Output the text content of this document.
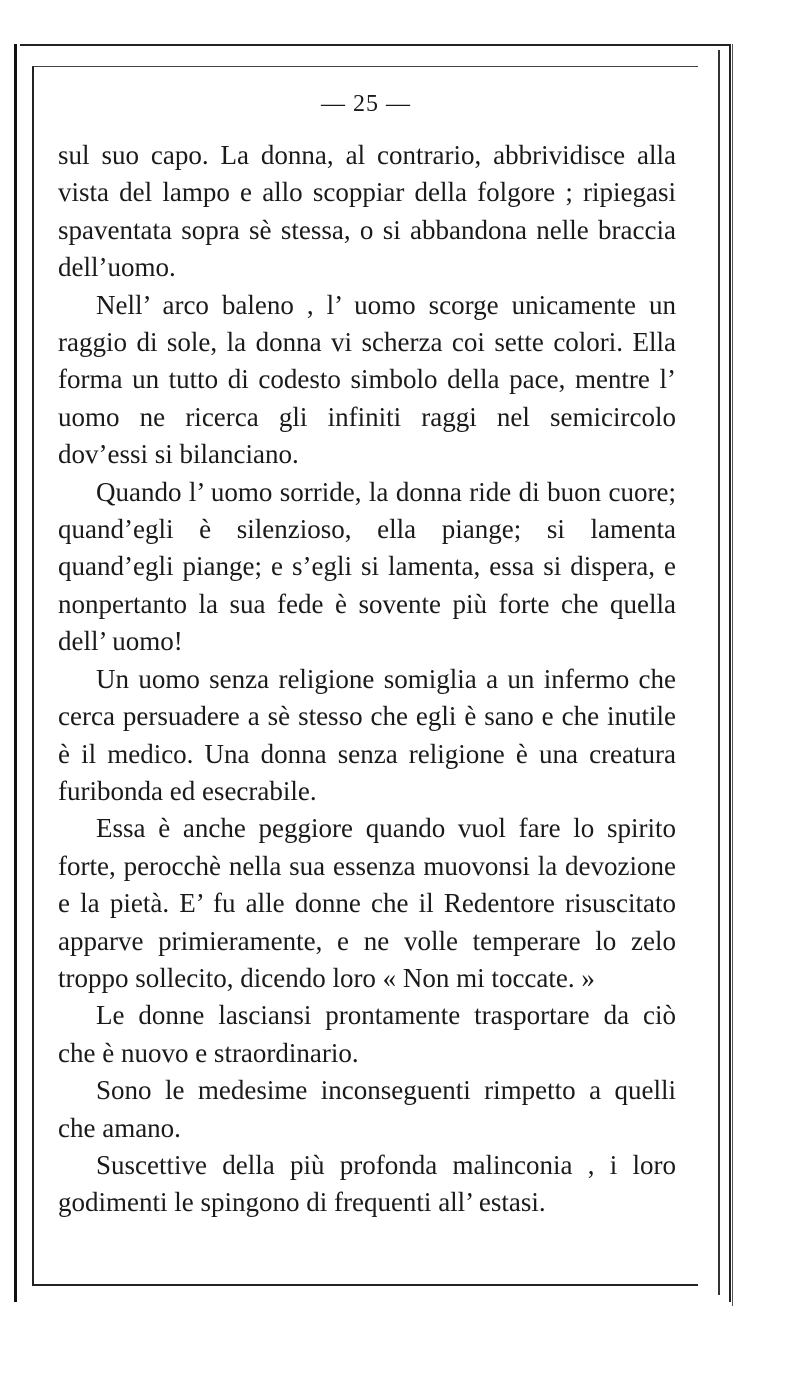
— 25 —

sul suo capo. La donna, al contrario, abbrividisce alla vista del lampo e allo scoppiar della folgore ; ripiegasi spaventata sopra sè stessa, o si abbandona nelle braccia dell’uomo.

Nell’ arco baleno , l’ uomo scorge unicamente un raggio di sole, la donna vi scherza coi sette colori. Ella forma un tutto di codesto simbolo della pace, mentre l’ uomo ne ricerca gli infiniti raggi nel semicircolo dov’essi si bilanciano.

Quando l’ uomo sorride, la donna ride di buon cuore; quand’egli è silenzioso, ella piange; si lamenta quand’egli piange; e s’egli si lamenta, essa si dispera, e nonpertanto la sua fede è sovente più forte che quella dell’ uomo!

Un uomo senza religione somiglia a un infermo che cerca persuadere a sè stesso che egli è sano e che inutile è il medico. Una donna senza religione è una creatura furibonda ed esecrabile.

Essa è anche peggiore quando vuol fare lo spirito forte, perocchè nella sua essenza muovonsi la devozione e la pietà. E’ fu alle donne che il Redentore risuscitato apparve primieramente, e ne volle temperare lo zelo troppo sollecito, dicendo loro « Non mi toccate. »

Le donne lasciansi prontamente trasportare da ciò che è nuovo e straordinario.

Sono le medesime inconseguenti rimpetto a quelli che amano.

Suscettive della più profonda malinconia , i loro godimenti le spingono di frequenti all’ estasi.
